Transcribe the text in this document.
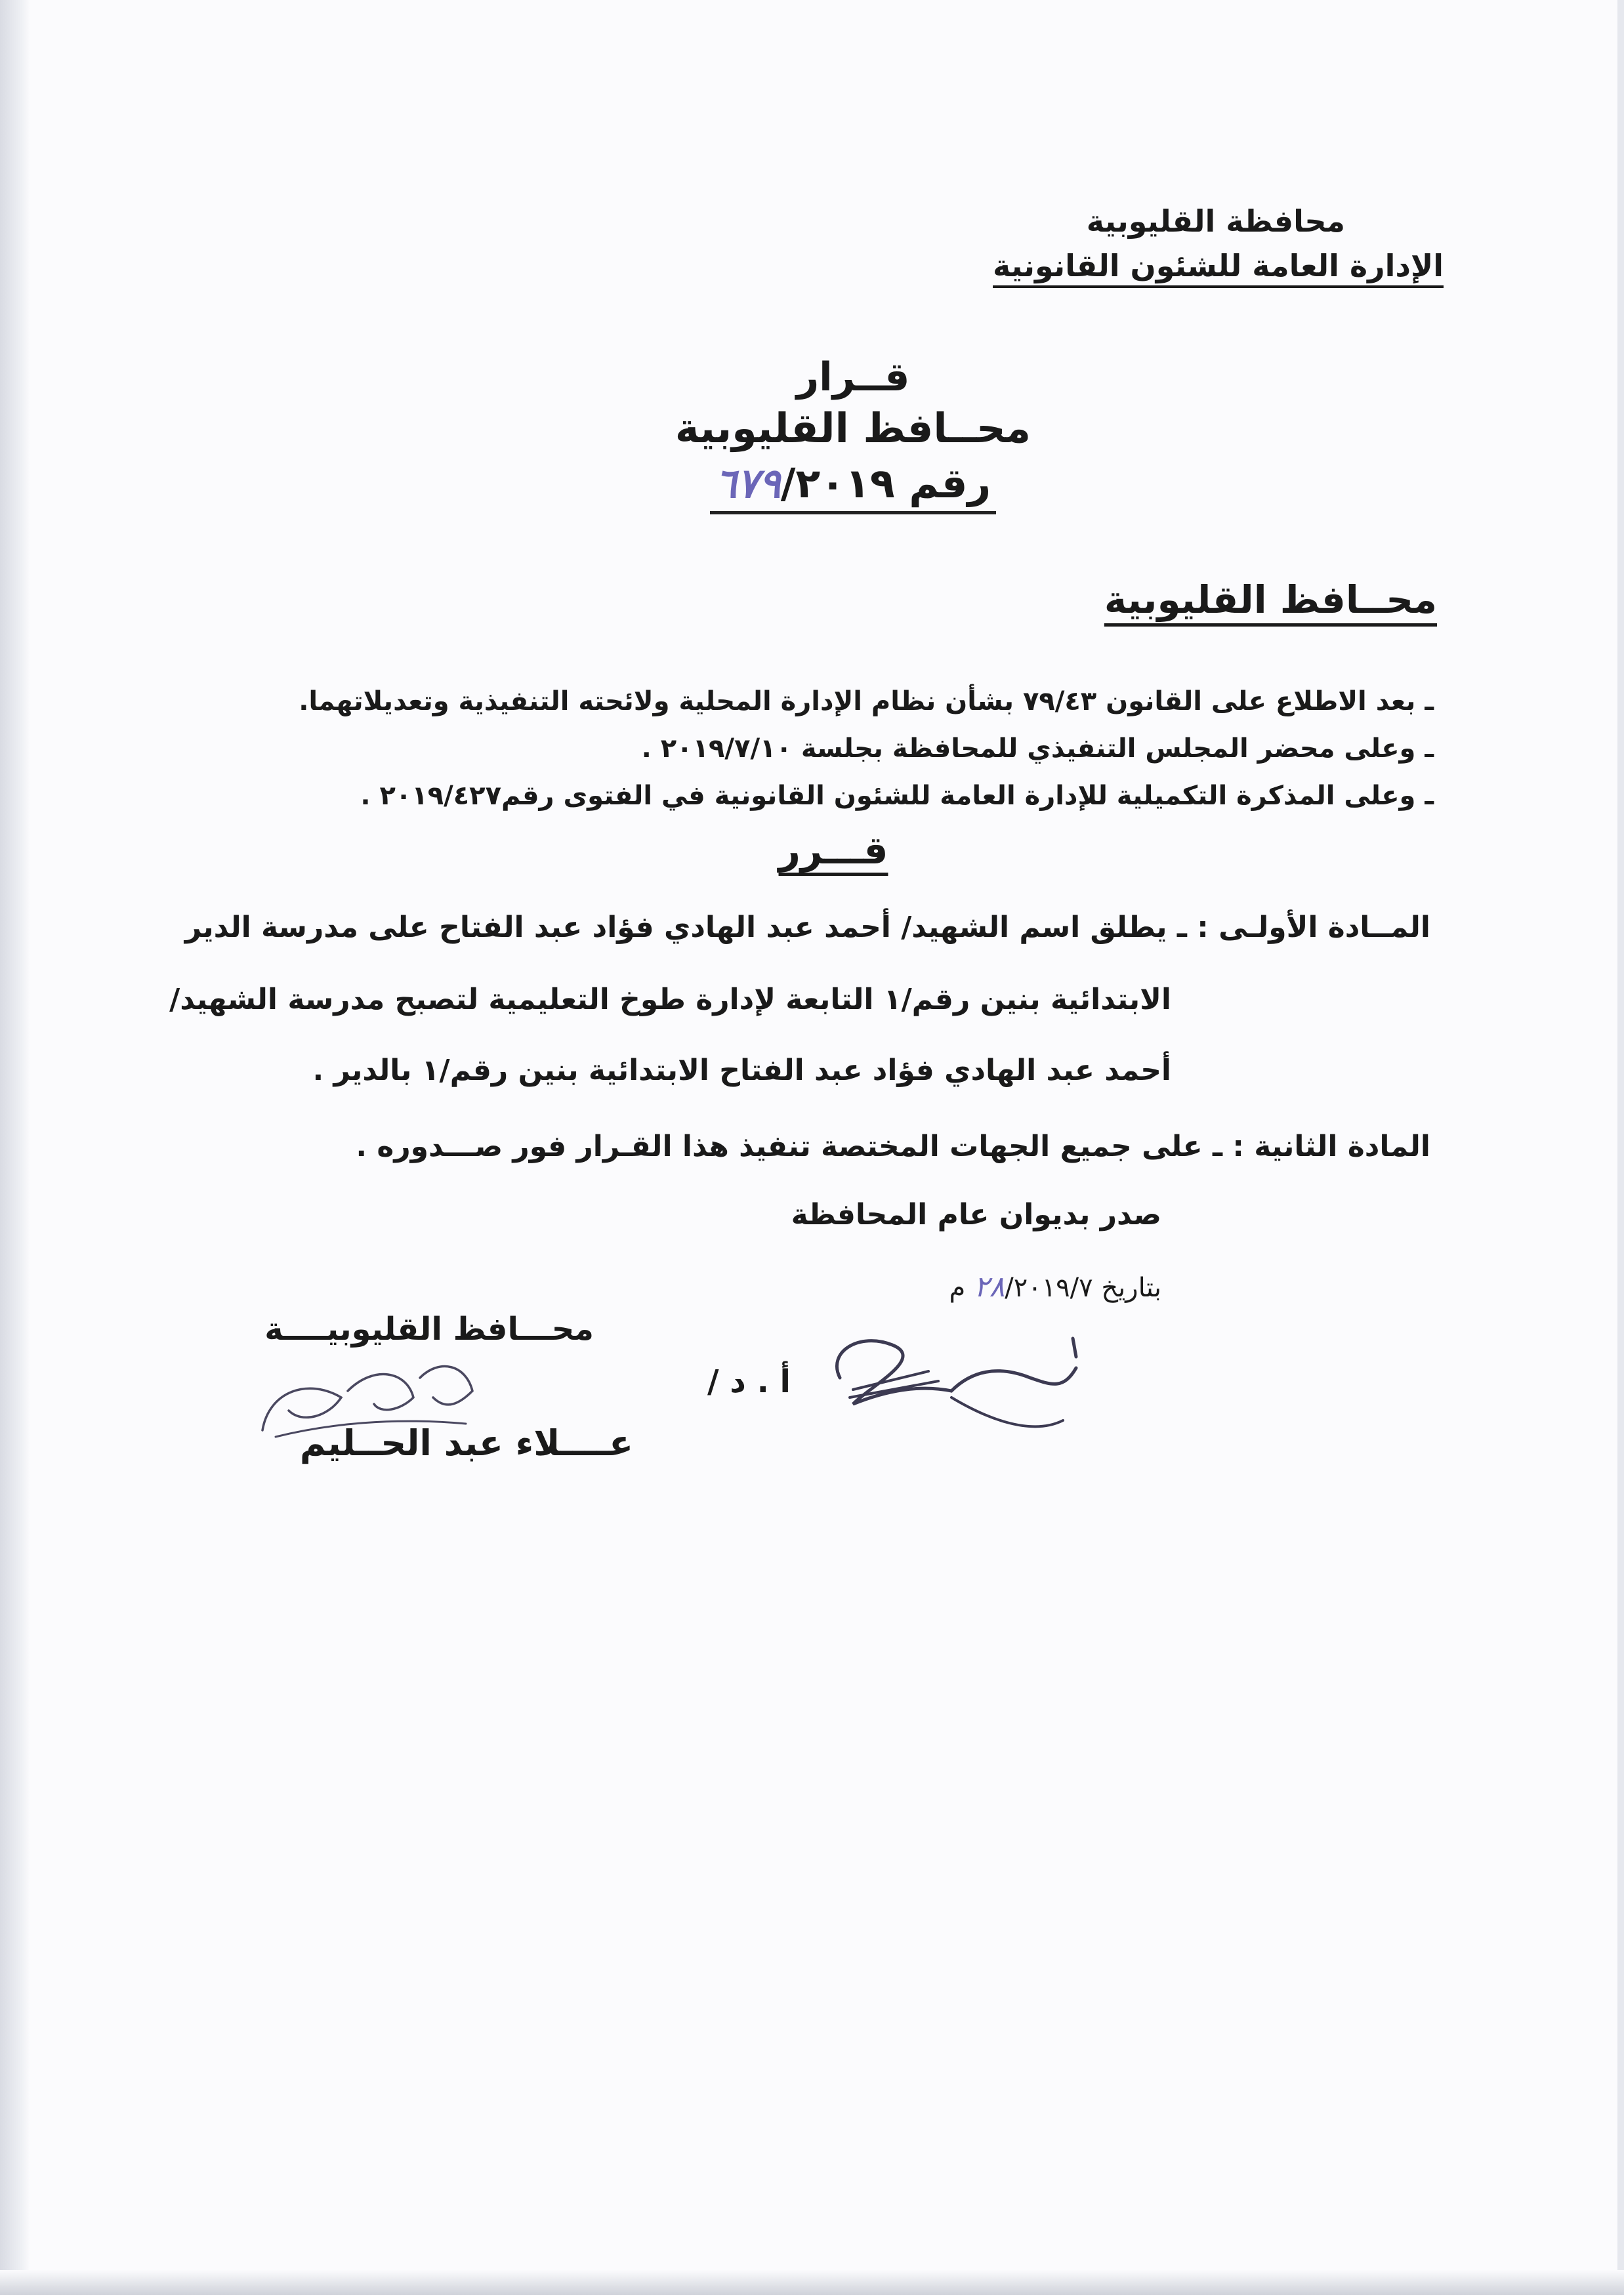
محافظة القليوبية
الإدارة العامة للشئون القانونية
قــرار
محــافظ القليوبية
رقم ٦٧٩/٢٠١٩
محــافظ القليوبية
ـ بعد الاطلاع على القانون ٧٩/٤٣ بشأن نظام الإدارة المحلية ولائحته التنفيذية وتعديلاتهما.
ـ وعلى محضر المجلس التنفيذي للمحافظة بجلسة ٢٠١٩/٧/١٠ .
ـ وعلى المذكرة التكميلية للإدارة العامة للشئون القانونية في الفتوى رقم٢٠١٩/٤٢٧ .
قـــرر
المــادة الأولـى : ـ يطلق اسم الشهيد/ أحمد عبد الهادي فؤاد عبد الفتاح على مدرسة الدير
الابتدائية بنين رقم/١ التابعة لإدارة طوخ التعليمية لتصبح مدرسة الشهيد/
أحمد عبد الهادي فؤاد عبد الفتاح الابتدائية بنين رقم/١ بالدير .
المادة الثانية : ـ على جميع الجهات المختصة تنفيذ هذا القـرار فور صـــدوره .
صدر بديوان عام المحافظة
بتاريخ ٢٨/٢٠١٩/٧ م
محـــافظ القليوبيــــة
أ . د /
عــــلاء عبد الحــليم
